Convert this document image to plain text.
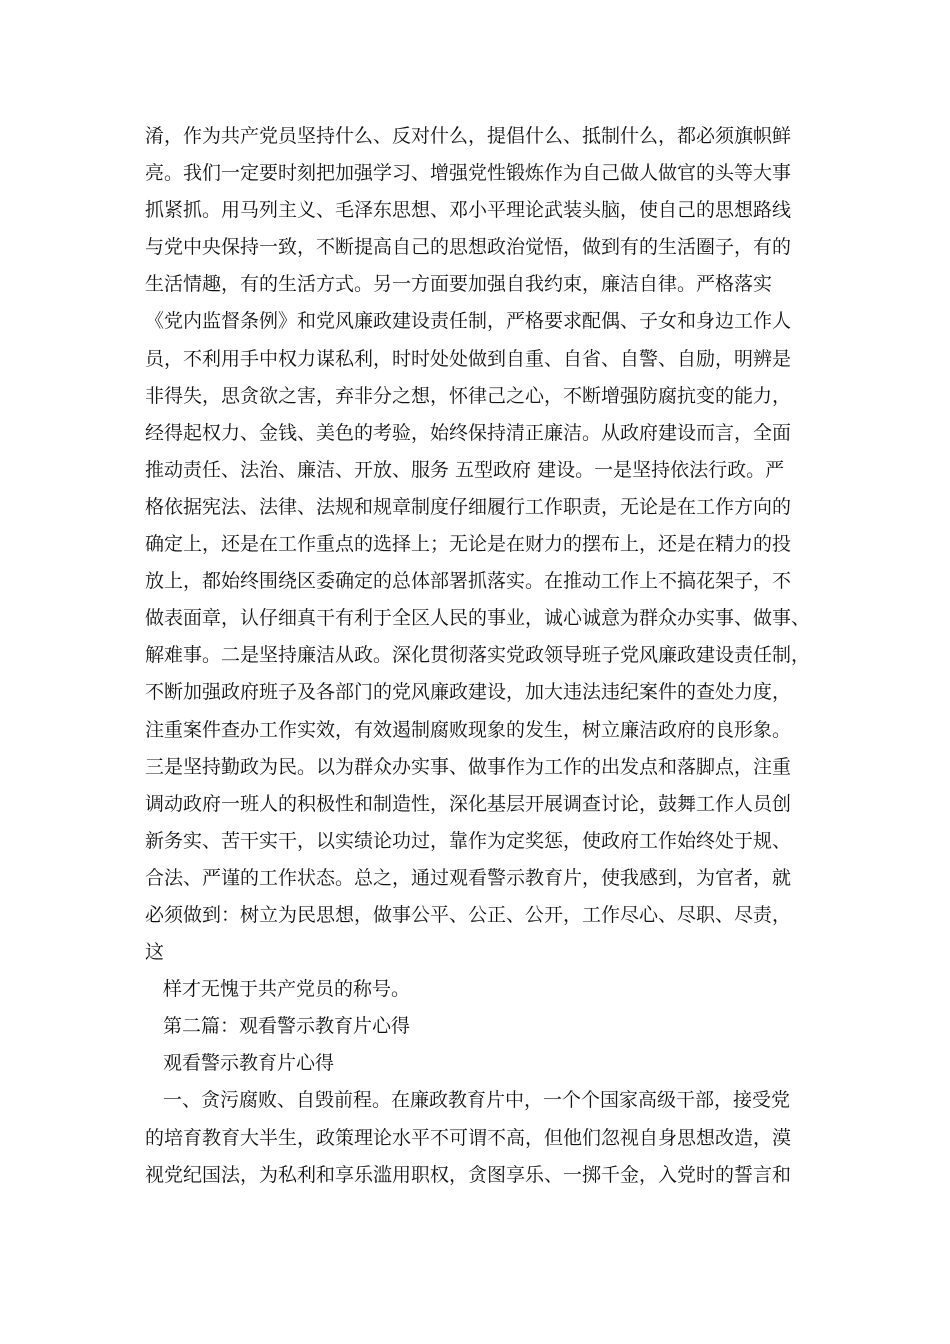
淆，作为共产党员坚持什么、反对什么，提倡什么、抵制什么，都必须旗帜鲜
亮。我们一定要时刻把加强学习、增强党性锻炼作为自己做人做官的头等大事
抓紧抓。用马列主义、毛泽东思想、邓小平理论武装头脑，使自己的思想路线
与党中央保持一致，不断提高自己的思想政治觉悟，做到有的生活圈子，有的
生活情趣，有的生活方式。另一方面要加强自我约束，廉洁自律。严格落实
《党内监督条例》和党风廉政建设责任制，严格要求配偶、子女和身边工作人
员，不利用手中权力谋私利，时时处处做到自重、自省、自警、自励，明辨是
非得失，思贪欲之害，弃非分之想，怀律己之心，不断增强防腐抗变的能力，
经得起权力、金钱、美色的考验，始终保持清正廉洁。从政府建设而言，全面
推动责任、法治、廉洁、开放、服务 五型政府 建设。一是坚持依法行政。严
格依据宪法、法律、法规和规章制度仔细履行工作职责，无论是在工作方向的
确定上，还是在工作重点的选择上；无论是在财力的摆布上，还是在精力的投
放上，都始终围绕区委确定的总体部署抓落实。在推动工作上不搞花架子，不
做表面章，认仔细真干有利于全区人民的事业，诚心诚意为群众办实事、做事、
解难事。二是坚持廉洁从政。深化贯彻落实党政领导班子党风廉政建设责任制，
不断加强政府班子及各部门的党风廉政建设，加大违法违纪案件的查处力度，
注重案件查办工作实效，有效遏制腐败现象的发生，树立廉洁政府的良形象。
三是坚持勤政为民。以为群众办实事、做事作为工作的出发点和落脚点，注重
调动政府一班人的积极性和制造性，深化基层开展调查讨论，鼓舞工作人员创
新务实、苦干实干，以实绩论功过，靠作为定奖惩，使政府工作始终处于规、
合法、严谨的工作状态。总之，通过观看警示教育片，使我感到，为官者，就
必须做到：树立为民思想，做事公平、公正、公开，工作尽心、尽职、尽责，
这
样才无愧于共产党员的称号。
第二篇：观看警示教育片心得
观看警示教育片心得
一、贪污腐败、自毁前程。在廉政教育片中，一个个国家高级干部，接受党
的培育教育大半生，政策理论水平不可谓不高，但他们忽视自身思想改造，漠
视党纪国法，为私利和享乐滥用职权，贪图享乐、一掷千金，入党时的誓言和
